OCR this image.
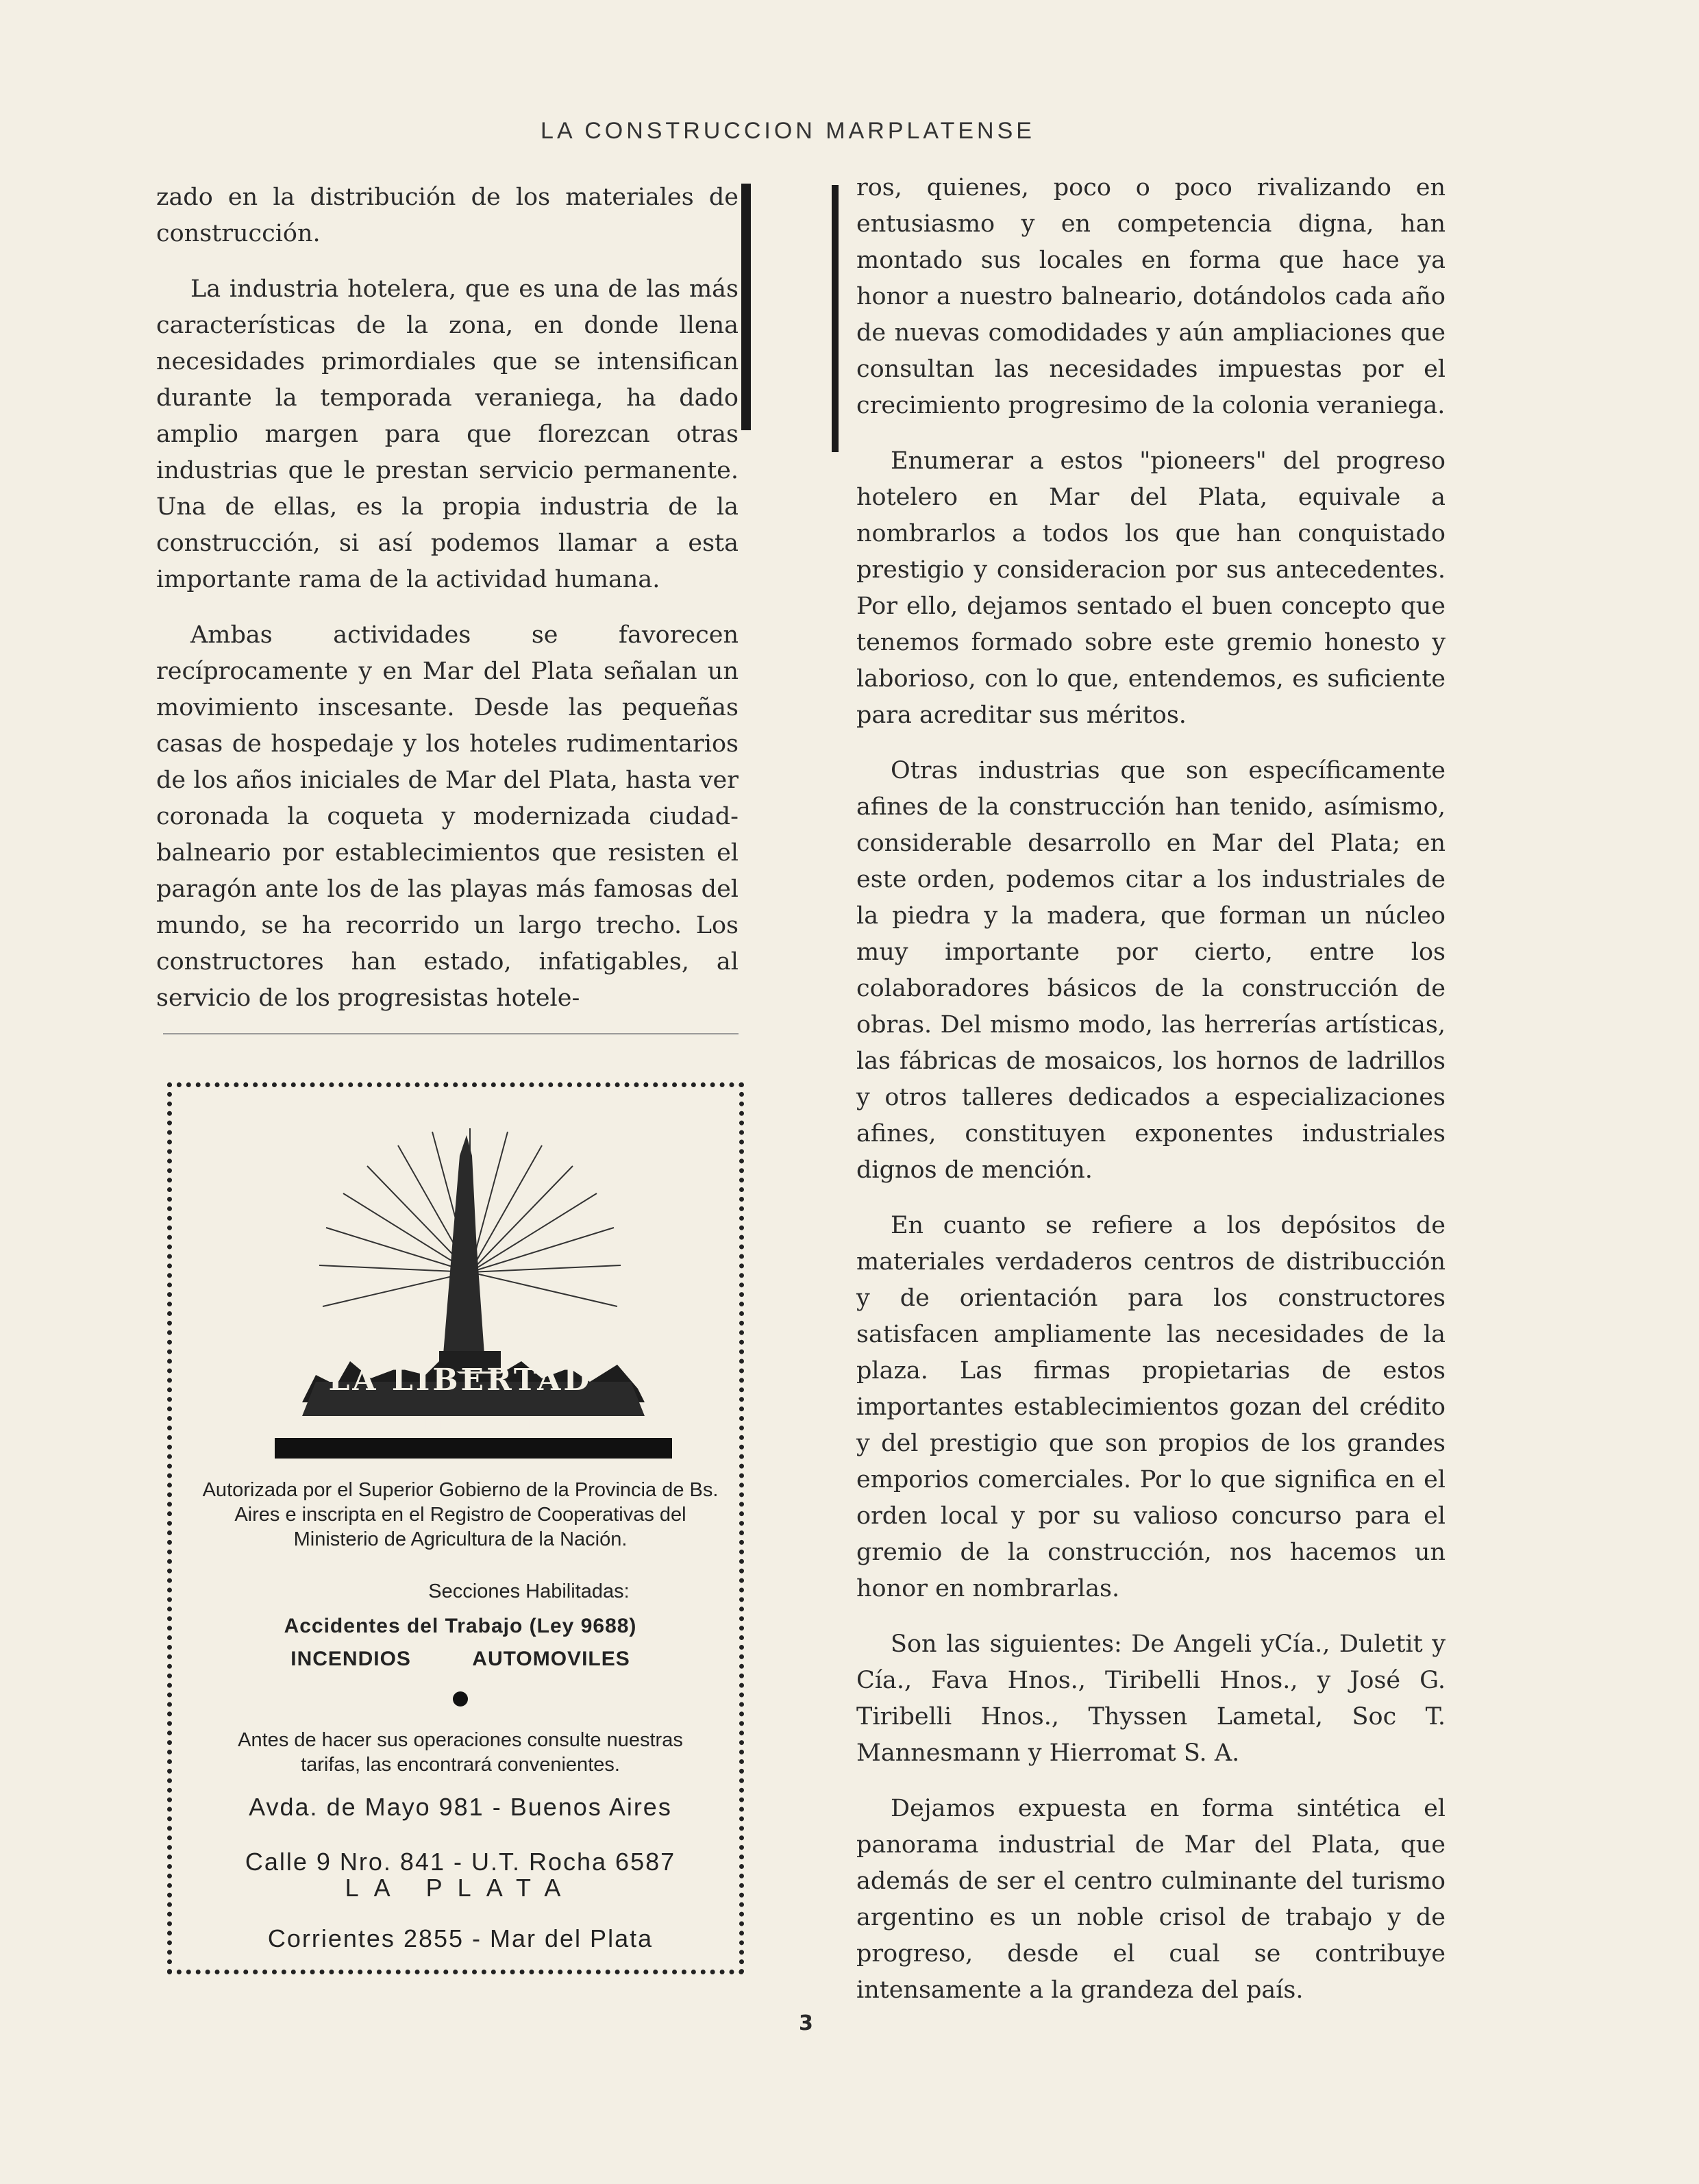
LA CONSTRUCCION MARPLATENSE

zado en la distribución de los materiales de construcción.

La industria hotelera, que es una de las más características de la zona, en donde llena necesidades primordiales que se intensifican durante la temporada veraniega, ha dado amplio margen para que florezcan otras industrias que le prestan servicio permanente. Una de ellas, es la propia industria de la construcción, si así podemos llamar a esta importante rama de la actividad humana.

Ambas actividades se favorecen recíprocamente y en Mar del Plata señalan un movimiento inscesante. Desde las pequeñas casas de hospedaje y los hoteles rudimentarios de los años iniciales de Mar del Plata, hasta ver coronada la coqueta y modernizada ciudad-balneario por establecimientos que resisten el paragón ante los de las playas más famosas del mundo, se ha recorrido un largo trecho. Los constructores han estado, infatigables, al servicio de los progresistas hotele-

ros, quienes, poco o poco rivalizando en entusiasmo y en competencia digna, han montado sus locales en forma que hace ya honor a nuestro balneario, dotándolos cada año de nuevas comodidades y aún ampliaciones que consultan las necesidades impuestas por el crecimiento progresimo de la colonia veraniega.

Enumerar a estos "pioneers" del progreso hotelero en Mar del Plata, equivale a nombrarlos a todos los que han conquistado prestigio y consideracion por sus antecedentes. Por ello, dejamos sentado el buen concepto que tenemos formado sobre este gremio honesto y laborioso, con lo que, entendemos, es suficiente para acreditar sus méritos.

Otras industrias que son específicamente afines de la construcción han tenido, asímismo, considerable desarrollo en Mar del Plata; en este orden, podemos citar a los industriales de la piedra y la madera, que forman un núcleo muy importante por cierto, entre los colaboradores básicos de la construcción de obras. Del mismo modo, las herrerías artísticas, las fábricas de mosaicos, los hornos de ladrillos y otros talleres dedicados a especializaciones afines, constituyen exponentes industriales dignos de mención.

En cuanto se refiere a los depósitos de materiales verdaderos centros de distribucción y de orientación para los constructores satisfacen ampliamente las necesidades de la plaza. Las firmas propietarias de estos importantes establecimientos gozan del crédito y del prestigio que son propios de los grandes emporios comerciales. Por lo que significa en el orden local y por su valioso concurso para el gremio de la construcción, nos hacemos un honor en nombrarlas.

Son las siguientes: De Angeli yCía., Duletit y Cía., Fava Hnos., Tiribelli Hnos., y José G. Tiribelli Hnos., Thyssen Lametal, Soc T. Mannesmann y Hierromat S. A.

Dejamos expuesta en forma sintética el panorama industrial de Mar del Plata, que además de ser el centro culminante del turismo argentino es un noble crisol de trabajo y de progreso, desde el cual se contribuye intensamente a la grandeza del país.

LA LIBERTAD
COOPERATIVA DE RIESGOS GENERALES LTDA
Autorizada por el Superior Gobierno de la Provincia de Bs. Aires e inscripta en el Registro de Cooperativas del Ministerio de Agricultura de la Nación.
Secciones Habilitadas:
Accidentes del Trabajo (Ley 9688)
INCENDIOS	AUTOMOVILES
Antes de hacer sus operaciones consulte nuestras tarifas, las encontrará convenientes.
Avda. de Mayo 981 - Buenos Aires
Calle 9 Nro. 841 - U.T. Rocha 6587
LA PLATA
Corrientes 2855 - Mar del Plata
3
